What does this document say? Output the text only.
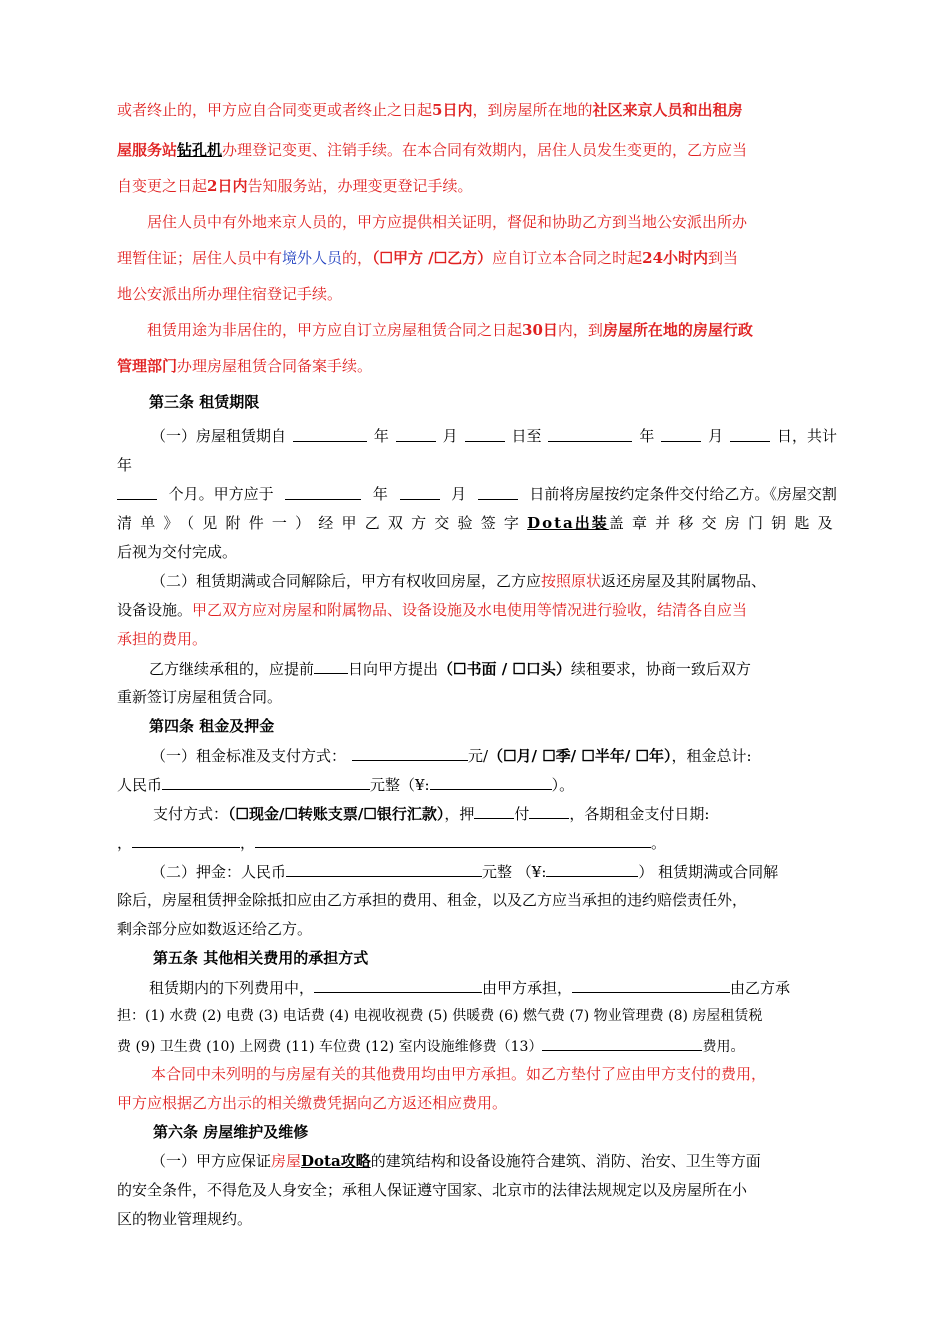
或者终止的，甲方应自合同变更或者终止之日起5日内，到房屋所在地的社区来京人员和出租房
屋服务站钻孔机办理登记变更、注销手续。在本合同有效期内，居住人员发生变更的，乙方应当
自变更之日起2日内告知服务站，办理变更登记手续。
居住人员中有外地来京人员的，甲方应提供相关证明，督促和协助乙方到当地公安派出所办
理暂住证；居住人员中有境外人员的，（☐甲方 /☐乙方）应自订立本合同之时起24小时内到当
地公安派出所办理住宿登记手续。
租赁用途为非居住的，甲方应自订立房屋租赁合同之日起30日内，到房屋所在地的房屋行政
管理部门办理房屋租赁合同备案手续。
第三条 租赁期限
（一）房屋租赁期自	年	月	日至	年	月	日，共计
年
个月。甲方应于	年	月	日前将房屋按约定条件交付给乙方。《房屋交割
清单》（见附件一）经甲乙双方交验签字Dota出装盖章并移交房门钥匙及
后视为交付完成。
（二）租赁期满或合同解除后，甲方有权收回房屋，乙方应按照原状返还房屋及其附属物品、
设备设施。甲乙双方应对房屋和附属物品、设备设施及水电使用等情况进行验收，结清各自应当
承担的费用。
乙方继续承租的，应提前 日向甲方提出（☐书面 / ☐口头）续租要求，协商一致后双方
重新签订房屋租赁合同。
第四条 租金及押金
（一）租金标准及支付方式：	元/（☐月/ ☐季/ ☐半年/ ☐年），租金总计:
人民币	元整（¥:	）。
支付方式：（☐现金/☐转账支票/☐银行汇款），押	付	，各期租金支付日期:
，	，	。
（二）押金：人民币	元整 （¥:	） 租赁期满或合同解
除后，房屋租赁押金除抵扣应由乙方承担的费用、租金，以及乙方应当承担的违约赔偿责任外，
剩余部分应如数返还给乙方。
第五条 其他相关费用的承担方式
租赁期内的下列费用中，	由甲方承担，	由乙方承
担：(1) 水费 (2) 电费 (3) 电话费 (4) 电视收视费 (5) 供暖费 (6) 燃气费 (7) 物业管理费 (8) 房屋租赁税
费 (9) 卫生费 (10) 上网费 (11) 车位费 (12) 室内设施维修费（13）	费用。
本合同中未列明的与房屋有关的其他费用均由甲方承担。如乙方垫付了应由甲方支付的费用，
甲方应根据乙方出示的相关缴费凭据向乙方返还相应费用。
第六条 房屋维护及维修
（一）甲方应保证房屋Dota攻略的建筑结构和设备设施符合建筑、消防、治安、卫生等方面
的安全条件，不得危及人身安全；承租人保证遵守国家、北京市的法律法规规定以及房屋所在小
区的物业管理规约。
